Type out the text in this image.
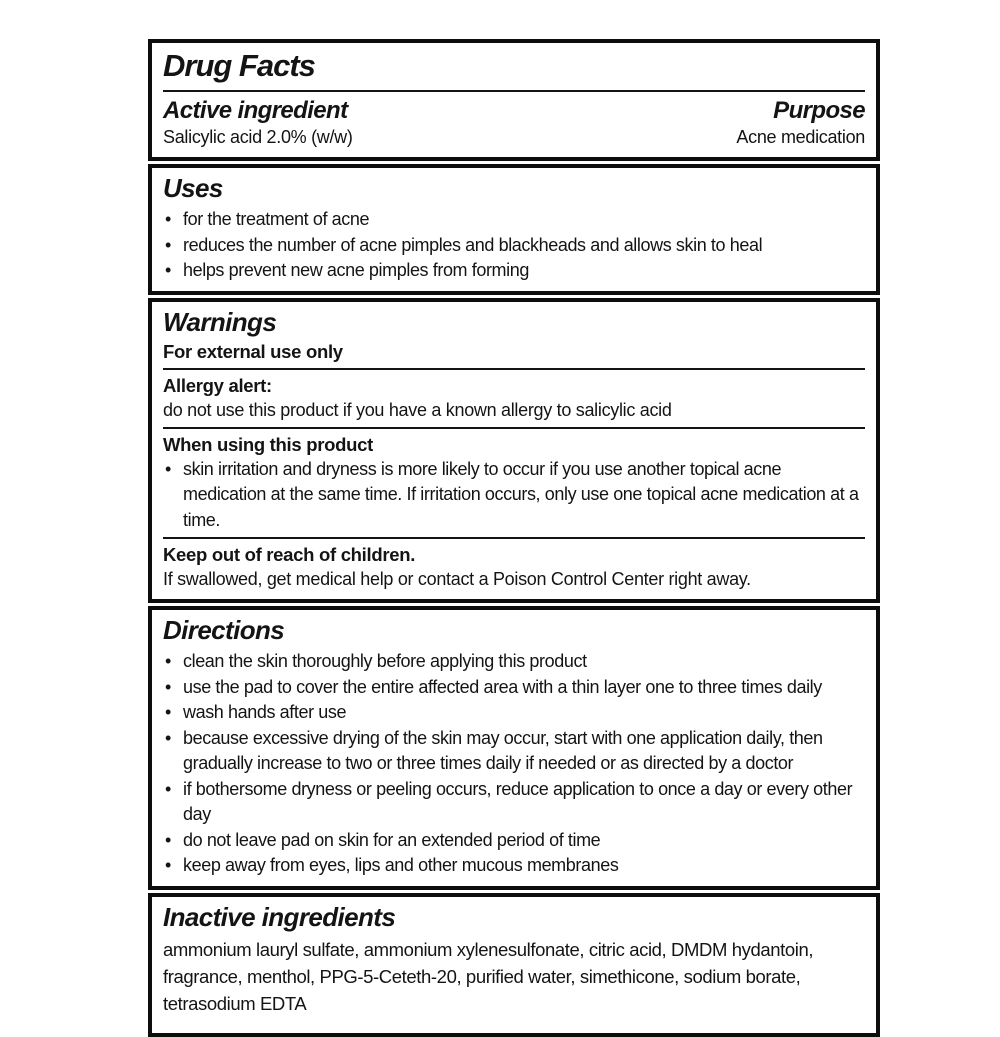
Drug Facts
Active ingredient	Purpose
Salicylic acid 2.0% (w/w)	Acne medication
Uses
• for the treatment of acne
• reduces the number of acne pimples and blackheads and allows skin to heal
• helps prevent new acne pimples from forming
Warnings
For external use only
Allergy alert:
do not use this product if you have a known allergy to salicylic acid
When using this product
• skin irritation and dryness is more likely to occur if you use another topical acne medication at the same time. If irritation occurs, only use one topical acne medication at a time.
Keep out of reach of children.
If swallowed, get medical help or contact a Poison Control Center right away.
Directions
• clean the skin thoroughly before applying this product
• use the pad to cover the entire affected area with a thin layer one to three times daily
• wash hands after use
• because excessive drying of the skin may occur, start with one application daily, then gradually increase to two or three times daily if needed or as directed by a doctor
• if bothersome dryness or peeling occurs, reduce application to once a day or every other day
• do not leave pad on skin for an extended period of time
• keep away from eyes, lips and other mucous membranes
Inactive ingredients
ammonium lauryl sulfate, ammonium xylenesulfonate, citric acid, DMDM hydantoin, fragrance, menthol, PPG-5-Ceteth-20, purified water, simethicone, sodium borate, tetrasodium EDTA
